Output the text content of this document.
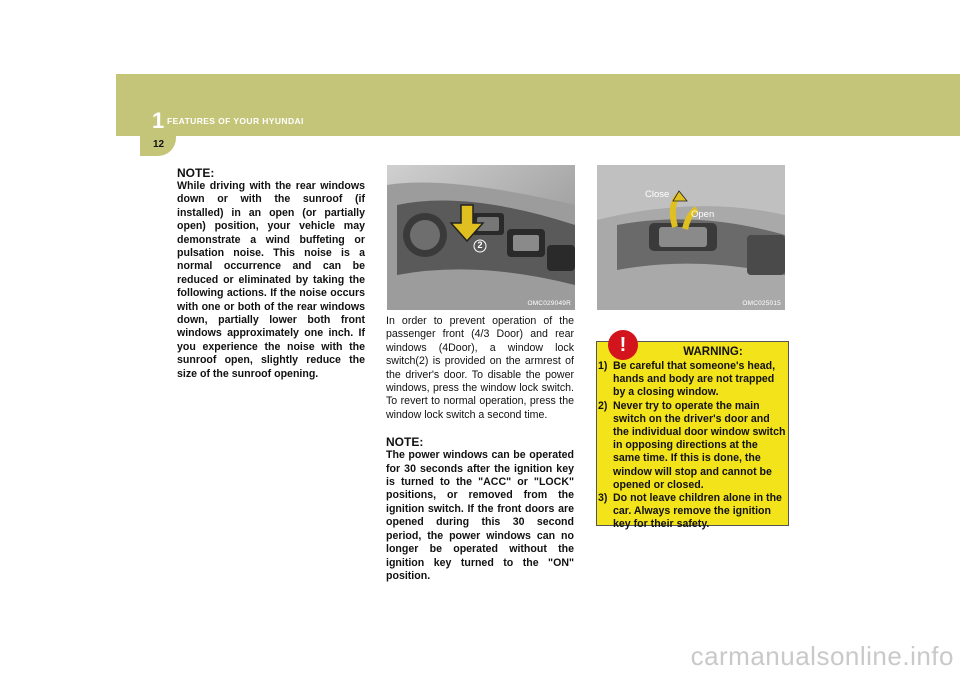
1 FEATURES OF YOUR HYUNDAI
12

NOTE:

While driving with the rear windows down or with the sunroof (if installed) in an open (or partially open) position, your vehicle may demonstrate a wind buffeting or pulsation noise. This noise is a normal occurrence and can be reduced or eliminated by taking the following actions. If the noise occurs with one or both of the rear windows down, partially lower both front windows approximately one inch. If you experience the noise with the sunroof open, slightly reduce the size of the sunroof opening.

2
OMC029049R

In order to prevent operation of the passenger front (4/3 Door) and rear windows (4Door), a window lock switch(2) is provided on the armrest of the driver's door. To disable the power windows, press the window lock switch. To revert to normal operation, press the window lock switch a second time.

NOTE:

The power windows can be operated for 30 seconds after the ignition key is turned to the "ACC" or "LOCK" positions, or removed from the ignition switch. If the front doors are opened during this 30 second period, the power windows can no longer be operated without the ignition key turned to the "ON" position.

Close
Open
OMC025015
!	WARNING:
1) Be careful that someone's head, hands and body are not trapped by a closing window.
2) Never try to operate the main switch on the driver's door and the individual door window switch in opposing directions at the same time. If this is done, the window will stop and cannot be opened or closed.
3) Do not leave children alone in the car. Always remove the ignition key for their safety.
carmanualsonline.info
